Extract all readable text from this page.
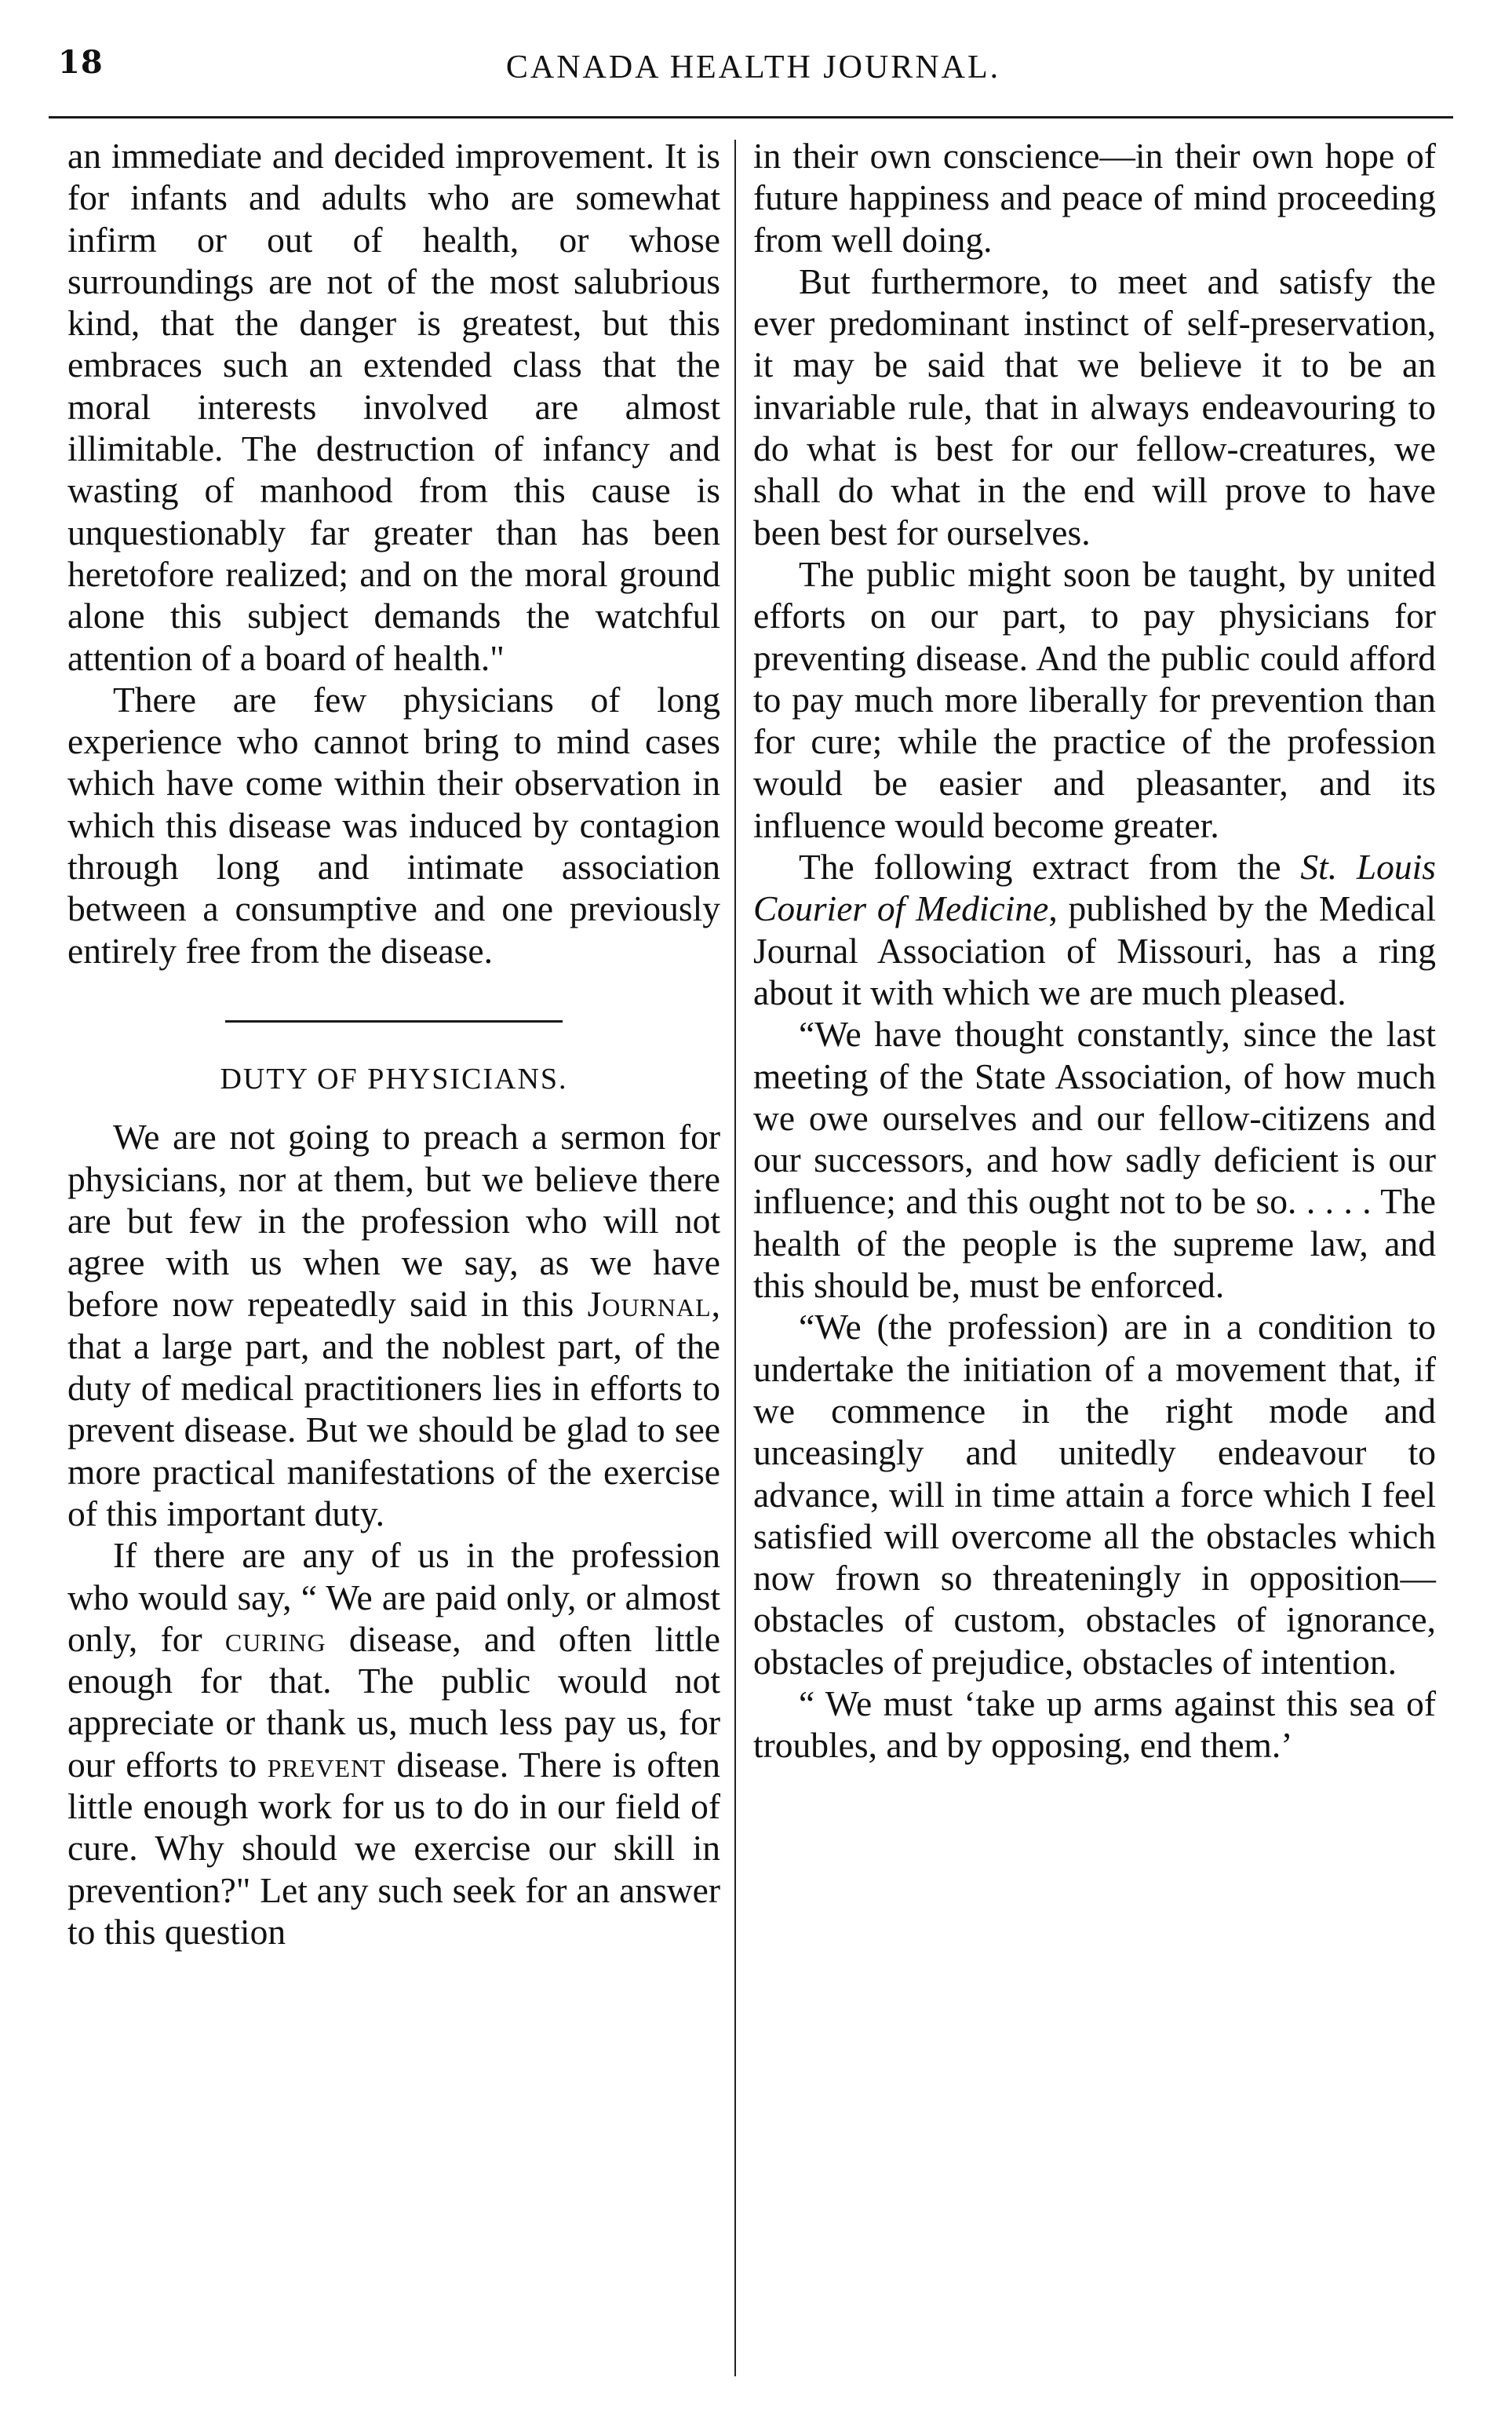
18	CANADA HEALTH JOURNAL.

an immediate and decided improvement. It is for infants and adults who are somewhat infirm or out of health, or whose surroundings are not of the most salubrious kind, that the danger is greatest, but this embraces such an extended class that the moral interests involved are almost illimitable. The destruction of infancy and wasting of manhood from this cause is unquestionably far greater than has been heretofore realized; and on the moral ground alone this subject demands the watchful attention of a board of health."

There are few physicians of long experience who cannot bring to mind cases which have come within their observation in which this disease was induced by contagion through long and intimate association between a consumptive and one previously entirely free from the disease.

DUTY OF PHYSICIANS.

We are not going to preach a sermon for physicians, nor at them, but we believe there are but few in the profession who will not agree with us when we say, as we have before now repeatedly said in this Journal, that a large part, and the noblest part, of the duty of medical practitioners lies in efforts to prevent disease. But we should be glad to see more practical manifestations of the exercise of this important duty.

If there are any of us in the profession who would say, “ We are paid only, or almost only, for curing disease, and often little enough for that. The public would not appreciate or thank us, much less pay us, for our efforts to prevent disease. There is often little enough work for us to do in our field of cure. Why should we exercise our skill in prevention?" Let any such seek for an answer to this question

in their own conscience—in their own hope of future happiness and peace of mind proceeding from well doing.

But furthermore, to meet and satisfy the ever predominant instinct of self-preservation, it may be said that we believe it to be an invariable rule, that in always endeavouring to do what is best for our fellow-creatures, we shall do what in the end will prove to have been best for ourselves.

The public might soon be taught, by united efforts on our part, to pay physicians for preventing disease. And the public could afford to pay much more liberally for prevention than for cure; while the practice of the profession would be easier and pleasanter, and its influence would become greater.

The following extract from the St. Louis Courier of Medicine, published by the Medical Journal Association of Missouri, has a ring about it with which we are much pleased.

“We have thought constantly, since the last meeting of the State Association, of how much we owe ourselves and our fellow-citizens and our successors, and how sadly deficient is our influence; and this ought not to be so. . . . . The health of the people is the supreme law, and this should be, must be enforced.

“We (the profession) are in a condition to undertake the initiation of a movement that, if we commence in the right mode and unceasingly and unitedly endeavour to advance, will in time attain a force which I feel satisfied will overcome all the obstacles which now frown so threateningly in opposition—obstacles of custom, obstacles of ignorance, obstacles of prejudice, obstacles of intention.

“ We must ‘take up arms against this sea of troubles, and by opposing, end them.’
